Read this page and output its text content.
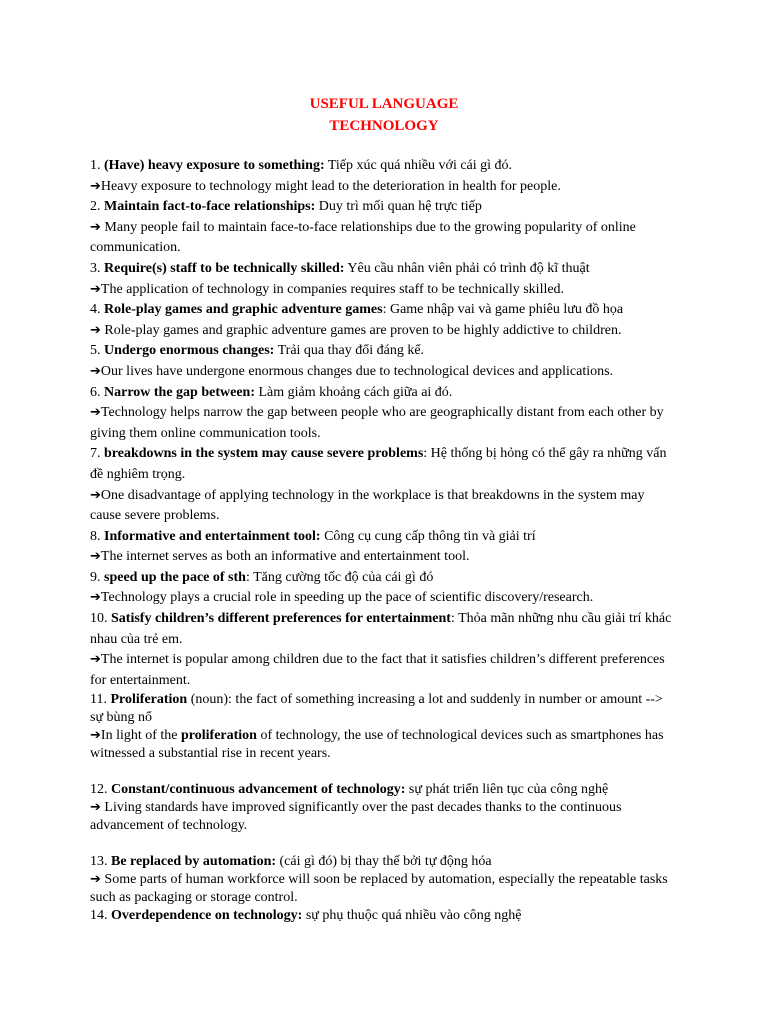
USEFUL LANGUAGE
TECHNOLOGY

1. (Have) heavy exposure to something: Tiếp xúc quá nhiều với cái gì đó.

➔Heavy exposure to technology might lead to the deterioration in health for people.

2. Maintain fact-to-face relationships: Duy trì mối quan hệ trực tiếp

➔ Many people fail to maintain face-to-face relationships due to the growing popularity of online communication.

3. Require(s) staff to be technically skilled: Yêu cầu nhân viên phải có trình độ kĩ thuật

➔The application of technology in companies requires staff to be technically skilled.

4. Role-play games and graphic adventure games: Game nhập vai và game phiêu lưu đồ họa

➔ Role-play games and graphic adventure games are proven to be highly addictive to children.

5. Undergo enormous changes: Trải qua thay đổi đáng kể.

➔Our lives have undergone enormous changes due to technological devices and applications.

6. Narrow the gap between: Làm giảm khoảng cách giữa ai đó.

➔Technology helps narrow the gap between people who are geographically distant from each other by giving them online communication tools.

7. breakdowns in the system may cause severe problems: Hệ thống bị hỏng có thể gây ra những vấn đề nghiêm trọng.

➔One disadvantage of applying technology in the workplace is that breakdowns in the system may cause severe problems.

8. Informative and entertainment tool: Công cụ cung cấp thông tin và giải trí

➔The internet serves as both an informative and entertainment tool.

9. speed up the pace of sth: Tăng cường tốc độ của cái gì đó

➔Technology plays a crucial role in speeding up the pace of scientific discovery/research.

10. Satisfy children’s different preferences for entertainment: Thỏa mãn những nhu cầu giải trí khác nhau của trẻ em.

➔The internet is popular among children due to the fact that it satisfies children’s different preferences for entertainment.

11. Proliferation (noun): the fact of something increasing a lot and suddenly in number or amount --> sự bùng nổ

➔In light of the proliferation of technology, the use of technological devices such as smartphones has witnessed a substantial rise in recent years.

12. Constant/continuous advancement of technology: sự phát triển liên tục của công nghệ

➔ Living standards have improved significantly over the past decades thanks to the continuous advancement of technology.

13. Be replaced by automation: (cái gì đó) bị thay thế bởi tự động hóa

➔ Some parts of human workforce will soon be replaced by automation, especially the repeatable tasks such as packaging or storage control.

14. Overdependence on technology: sự phụ thuộc quá nhiều vào công nghệ
